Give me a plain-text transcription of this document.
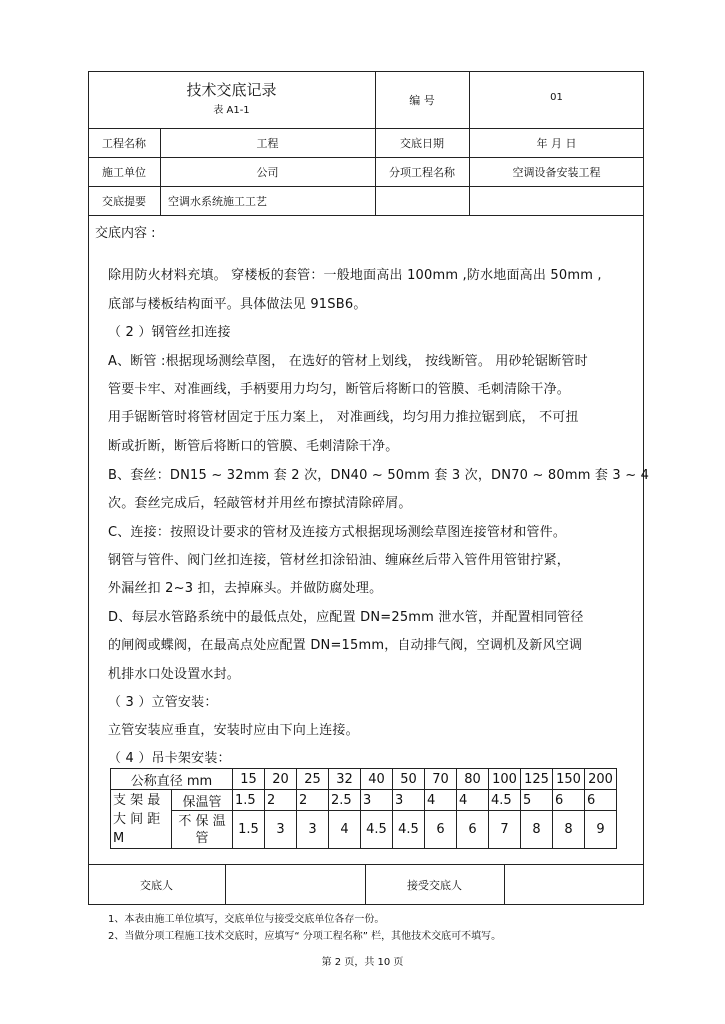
技术交底记录
表 A1-1
编 号	01
工程名称	工程	交底日期	年 月 日
施工单位	公司	分项工程名称	空调设备安装工程
交底提要	空调水系统施工工艺
交底内容 :
除用防火材料充填。 穿楼板的套管：一般地面高出 100mm ,防水地面高出 50mm ,
底部与楼板结构面平。具体做法见 91SB6。
（ 2 ）钢管丝扣连接
A、断管 :根据现场测绘草图， 在选好的管材上划线， 按线断管。 用砂轮锯断管时
管要卡牢、对准画线，手柄要用力均匀，断管后将断口的管膜、毛刺清除干净。
用手锯断管时将管材固定于压力案上， 对准画线，均匀用力推拉锯到底， 不可扭
断或折断，断管后将断口的管膜、毛刺清除干净。
B、套丝：DN15 ~ 32mm 套 2 次，DN40 ~ 50mm 套 3 次，DN70 ~ 80mm 套 3 ~ 4
次。套丝完成后，轻敲管材并用丝布擦拭清除碎屑。
C、连接：按照设计要求的管材及连接方式根据现场测绘草图连接管材和管件。
钢管与管件、阀门丝扣连接，管材丝扣涂铅油、缠麻丝后带入管件用管钳拧紧，
外漏丝扣 2~3 扣，去掉麻头。并做防腐处理。
D、每层水管路系统中的最低点处，应配置 DN=25mm 泄水管，并配置相同管径
的闸阀或蝶阀，在最高点处应配置 DN=15mm，自动排气阀，空调机及新风空调
机排水口处设置水封。
（ 3 ）立管安装：
立管安装应垂直，安装时应由下向上连接。
（ 4 ）吊卡架安装：
公称直径 mm		15	20	25	32	40	50	70	80	100	125	150	200

支 架 最
大 间 距
M	保温管	1.5	2	2	2.5	3	3	4	4	4.5	5	6	6

	不 保 温
管	1.5	3	3	4	4.5	4.5	6	6	7	8	8	9
交底人	接受交底人
1、本表由施工单位填写，交底单位与接受交底单位各存一份。
2、当做分项工程施工技术交底时，应填写“ 分项工程名称” 栏，其他技术交底可不填写。
第 2 页，共 10 页
